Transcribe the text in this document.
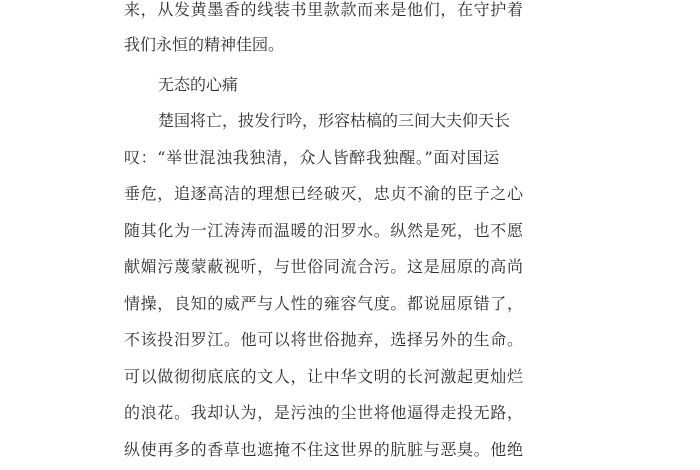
来，从发黄墨香的线装书里款款而来是他们，在守护着
我们永恒的精神佳园。
无态的心痛
楚国将亡，披发行吟，形容枯槁的三间大夫仰天长
叹：“举世混浊我独清，众人皆醉我独醒。”面对国运
垂危，追逐高洁的理想已经破灭，忠贞不渝的臣子之心
随其化为一江涛涛而温暖的汨罗水。纵然是死，也不愿
献媚污蔑蒙蔽视听，与世俗同流合污。这是屈原的高尚
情操，良知的威严与人性的雍容气度。都说屈原错了，
不该投汨罗江。他可以将世俗抛弃，选择另外的生命。
可以做彻彻底底的文人，让中华文明的长河激起更灿烂
的浪花。我却认为，是污浊的尘世将他逼得走投无路，
纵使再多的香草也遮掩不住这世界的肮脏与恶臭。他绝
